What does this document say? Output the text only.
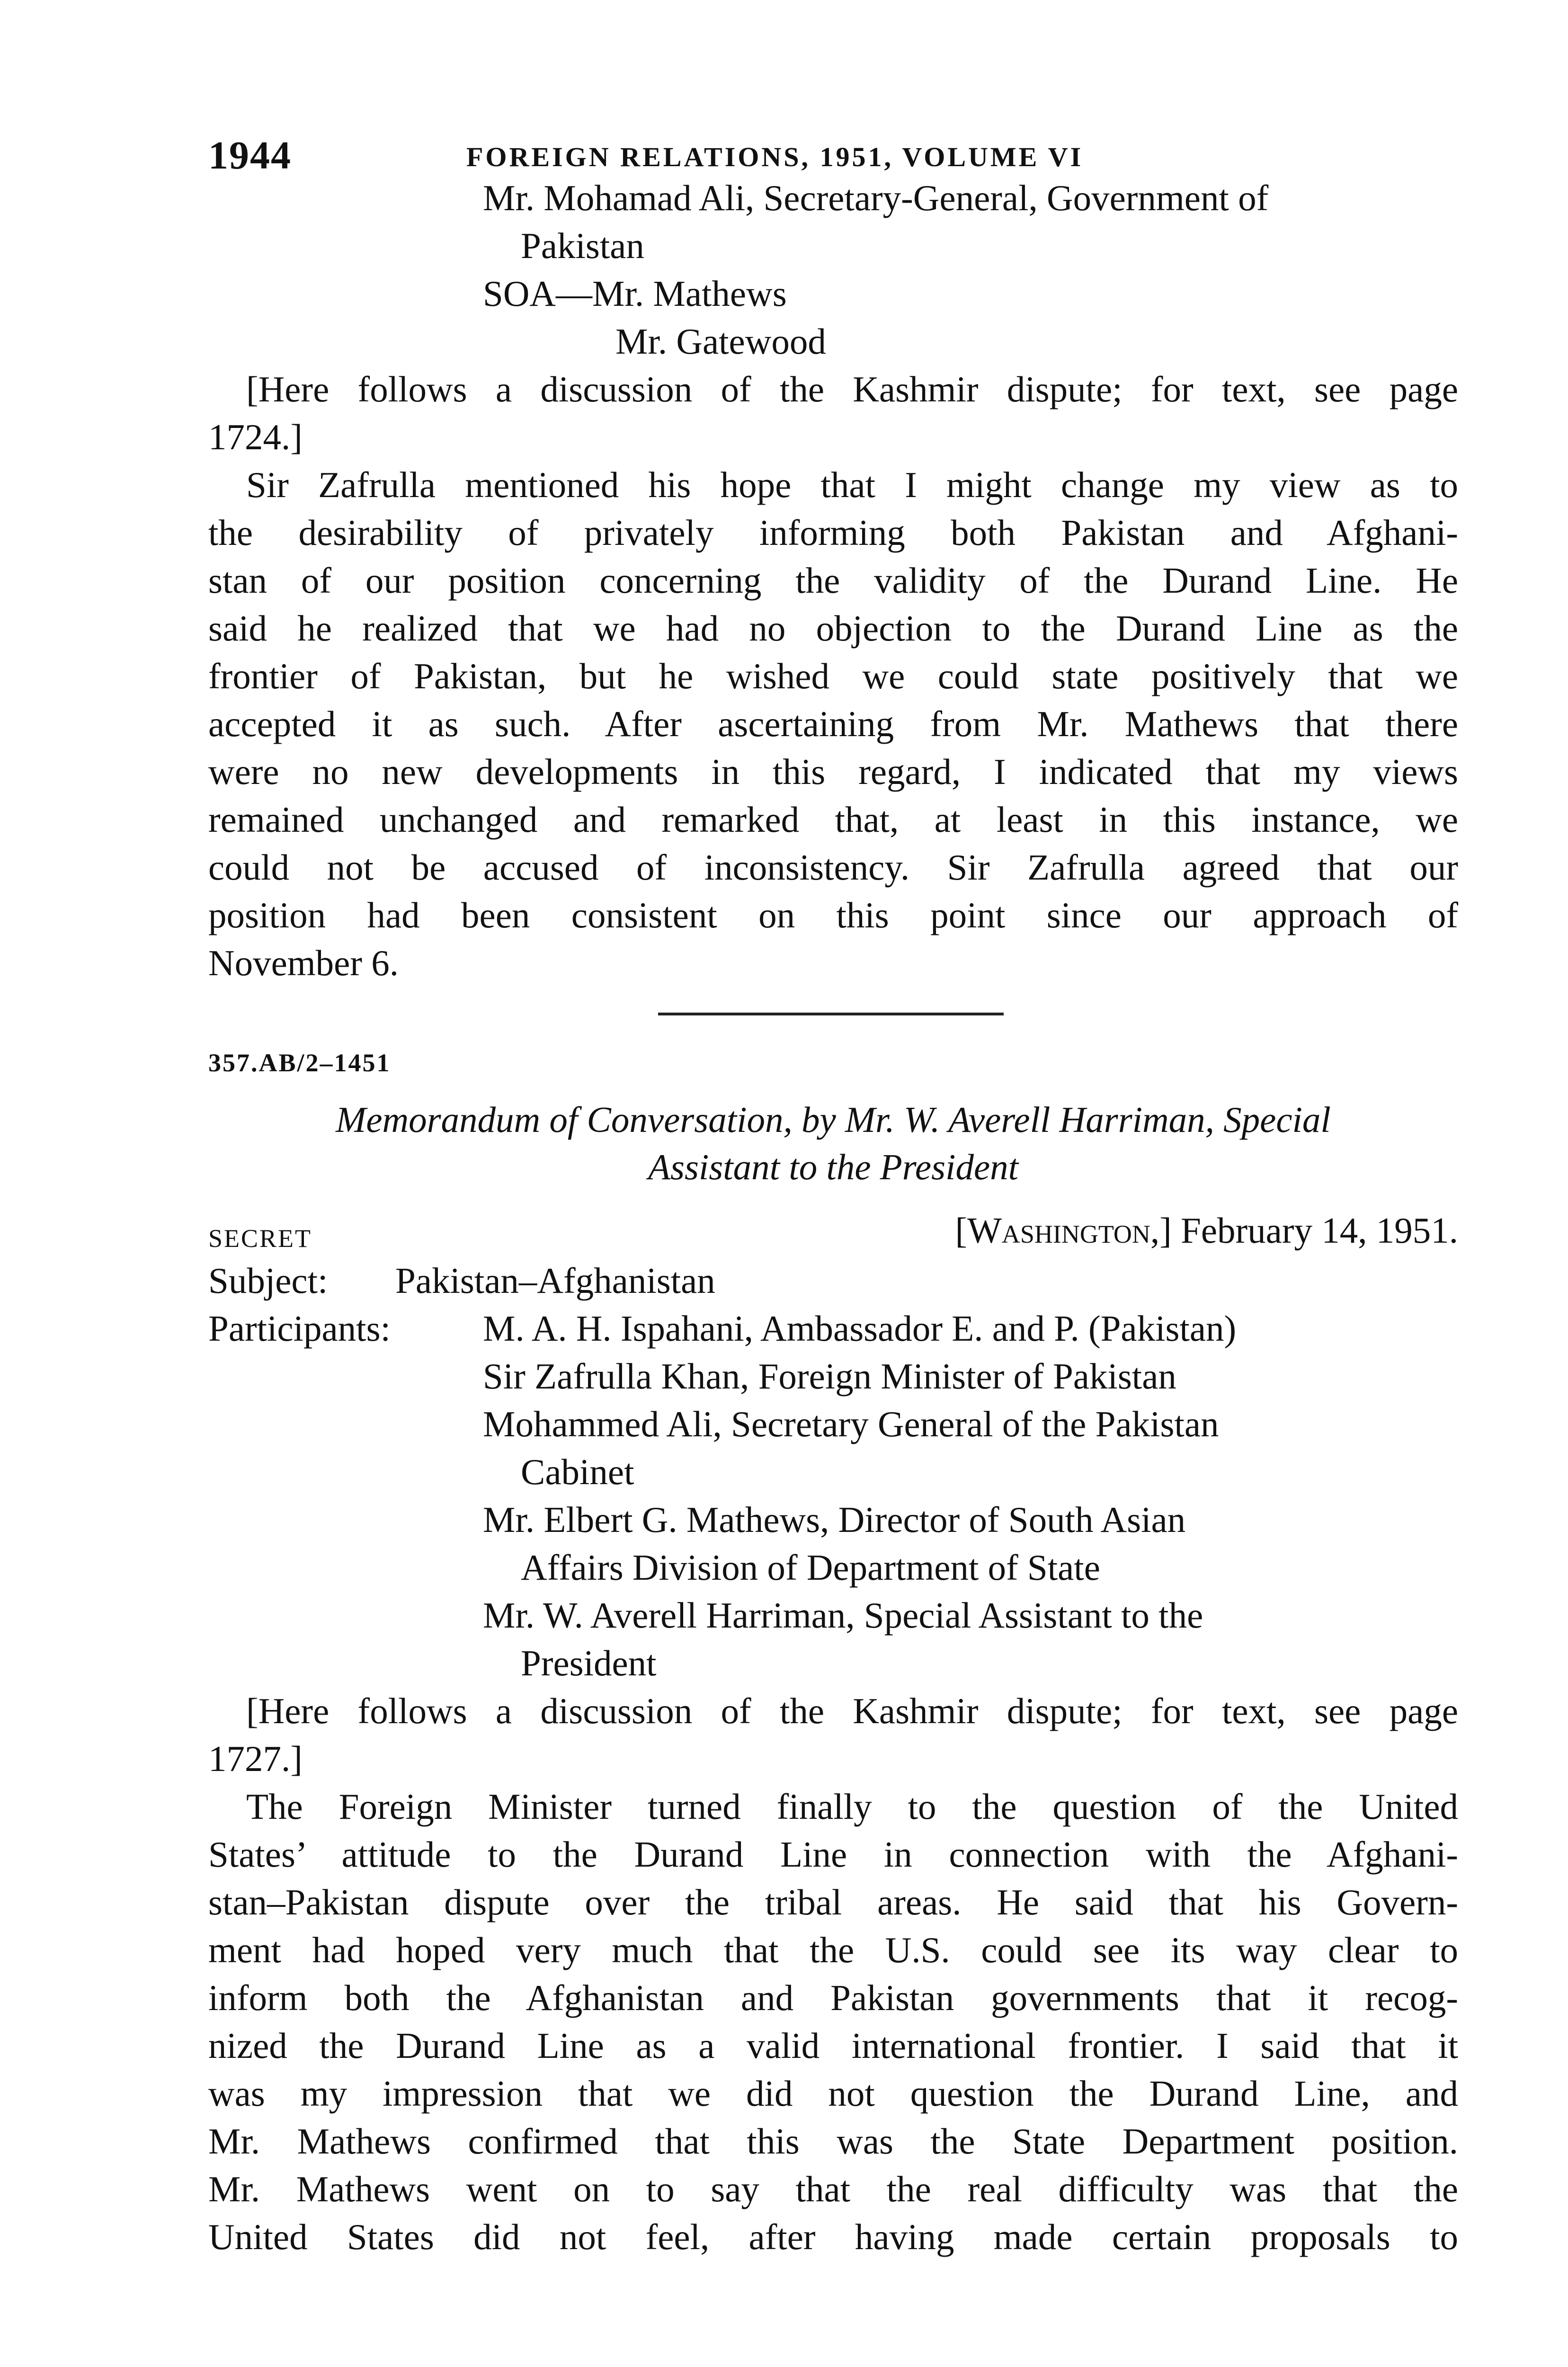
1944	FOREIGN RELATIONS, 1951, VOLUME VI
Mr. Mohamad Ali, Secretary-General, Government of
Pakistan
SOA—Mr. Mathews
Mr. Gatewood
[Here follows a discussion of the Kashmir dispute; for text, see page
1724.]
Sir Zafrulla mentioned his hope that I might change my view as to
the desirability of privately informing both Pakistan and Afghani-
stan of our position concerning the validity of the Durand Line. He
said he realized that we had no objection to the Durand Line as the
frontier of Pakistan, but he wished we could state positively that we
accepted it as such. After ascertaining from Mr. Mathews that there
were no new developments in this regard, I indicated that my views
remained unchanged and remarked that, at least in this instance, we
could not be accused of inconsistency. Sir Zafrulla agreed that our
position had been consistent on this point since our approach of
November 6.
357.AB/2–1451
Memorandum of Conversation, by Mr. W. Averell Harriman, Special
Assistant to the President
SECRET	[Washington,] February 14, 1951.
Subject: Pakistan–Afghanistan
Participants:	M. A. H. Ispahani, Ambassador E. and P. (Pakistan)
Sir Zafrulla Khan, Foreign Minister of Pakistan
Mohammed Ali, Secretary General of the Pakistan
Cabinet
Mr. Elbert G. Mathews, Director of South Asian
Affairs Division of Department of State
Mr. W. Averell Harriman, Special Assistant to the
President
[Here follows a discussion of the Kashmir dispute; for text, see page
1727.]
The Foreign Minister turned finally to the question of the United
States’ attitude to the Durand Line in connection with the Afghani-
stan–Pakistan dispute over the tribal areas. He said that his Govern-
ment had hoped very much that the U.S. could see its way clear to
inform both the Afghanistan and Pakistan governments that it recog-
nized the Durand Line as a valid international frontier. I said that it
was my impression that we did not question the Durand Line, and
Mr. Mathews confirmed that this was the State Department position.
Mr. Mathews went on to say that the real difficulty was that the
United States did not feel, after having made certain proposals to
